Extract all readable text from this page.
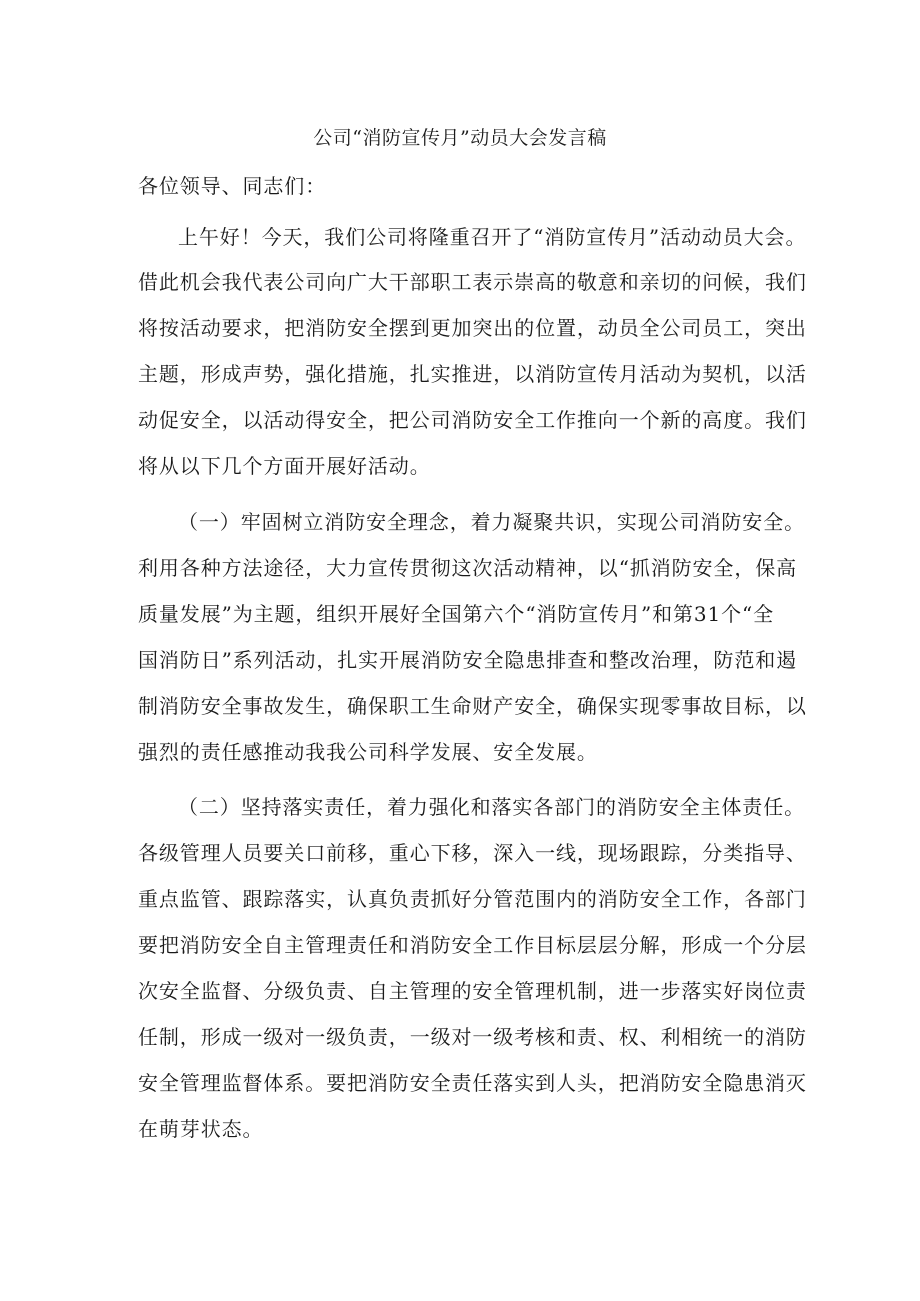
公司“消防宣传月”动员大会发言稿
各位领导、同志们：
上午好！今天，我们公司将隆重召开了“消防宣传月”活动动员大会。
借此机会我代表公司向广大干部职工表示崇高的敬意和亲切的问候，我们
将按活动要求，把消防安全摆到更加突出的位置，动员全公司员工，突出
主题，形成声势，强化措施，扎实推进，以消防宣传月活动为契机，以活
动促安全，以活动得安全，把公司消防安全工作推向一个新的高度。我们
将从以下几个方面开展好活动。
（一）牢固树立消防安全理念，着力凝聚共识，实现公司消防安全。
利用各种方法途径，大力宣传贯彻这次活动精神，以“抓消防安全，保高
质量发展”为主题，组织开展好全国第六个“消防宣传月”和第31个“全
国消防日”系列活动，扎实开展消防安全隐患排查和整改治理，防范和遏
制消防安全事故发生，确保职工生命财产安全，确保实现零事故目标，以
强烈的责任感推动我我公司科学发展、安全发展。
（二）坚持落实责任，着力强化和落实各部门的消防安全主体责任。
各级管理人员要关口前移，重心下移，深入一线，现场跟踪，分类指导、
重点监管、跟踪落实，认真负责抓好分管范围内的消防安全工作，各部门
要把消防安全自主管理责任和消防安全工作目标层层分解，形成一个分层
次安全监督、分级负责、自主管理的安全管理机制，进一步落实好岗位责
任制，形成一级对一级负责，一级对一级考核和责、权、利相统一的消防
安全管理监督体系。要把消防安全责任落实到人头，把消防安全隐患消灭
在萌芽状态。
